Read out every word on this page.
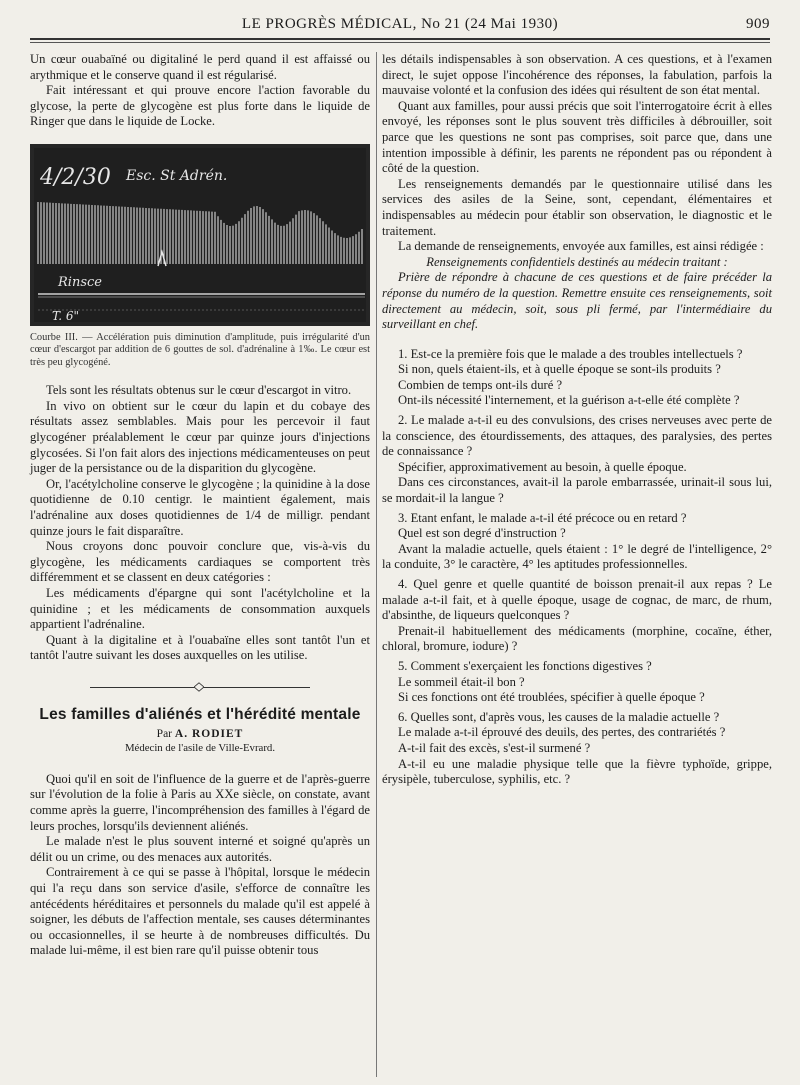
LE PROGRÈS MÉDICAL, No 21 (24 Mai 1930)	909

Un cœur ouabaïné ou digitaliné le perd quand il est affaissé ou arythmique et le conserve quand il est régularisé.

Fait intéressant et qui prouve encore l'action favorable du glycose, la perte de glycogène est plus forte dans le liquide de Ringer que dans le liquide de Locke.

4/2/30 Esc. St Adrén.
Rinsce
T. 6"

Courbe III. — Accélération puis diminution d'amplitude, puis irrégularité d'un cœur d'escargot par addition de 6 gouttes de sol. d'adrénaline à 1‰. Le cœur est très peu glycogéné.

Tels sont les résultats obtenus sur le cœur d'escargot in vitro.

In vivo on obtient sur le cœur du lapin et du cobaye des résultats assez semblables. Mais pour les percevoir il faut glycogéner préalablement le cœur par quinze jours d'injections glycosées. Si l'on fait alors des injections médicamenteuses on peut juger de la persistance ou de la disparition du glycogène.

Or, l'acétylcholine conserve le glycogène ; la quinidine à la dose quotidienne de 0.10 centigr. le maintient également, mais l'adrénaline aux doses quotidiennes de 1/4 de milligr. pendant quinze jours le fait disparaître.

Nous croyons donc pouvoir conclure que, vis-à-vis du glycogène, les médicaments cardiaques se comportent très différemment et se classent en deux catégories :

Les médicaments d'épargne qui sont l'acétylcholine et la quinidine ; et les médicaments de consommation auxquels appartient l'adrénaline.

Quant à la digitaline et à l'ouabaïne elles sont tantôt l'un et tantôt l'autre suivant les doses auxquelles on les utilise.

Les familles d'aliénés et l'hérédité mentale
Par A. RODIET
Médecin de l'asile de Ville-Evrard.

Quoi qu'il en soit de l'influence de la guerre et de l'après-guerre sur l'évolution de la folie à Paris au XXe siècle, on constate, avant comme après la guerre, l'incompréhension des familles à l'égard de leurs proches, lorsqu'ils deviennent aliénés.

Le malade n'est le plus souvent interné et soigné qu'après un délit ou un crime, ou des menaces aux autorités.

Contrairement à ce qui se passe à l'hôpital, lorsque le médecin qui l'a reçu dans son service d'asile, s'efforce de connaître les antécédents héréditaires et personnels du malade qu'il est appelé à soigner, les débuts de l'affection mentale, ses causes déterminantes ou occasionnelles, il se heurte à de nombreuses difficultés. Du malade lui-même, il est bien rare qu'il puisse obtenir tous

les détails indispensables à son observation. A ces questions, et à l'examen direct, le sujet oppose l'incohérence des réponses, la fabulation, parfois la mauvaise volonté et la confusion des idées qui résultent de son état mental.

Quant aux familles, pour aussi précis que soit l'interrogatoire écrit à elles envoyé, les réponses sont le plus souvent très difficiles à débrouiller, soit parce que les questions ne sont pas comprises, soit parce que, dans une intention impossible à définir, les parents ne répondent pas ou répondent à côté de la question.

Les renseignements demandés par le questionnaire utilisé dans les services des asiles de la Seine, sont, cependant, élémentaires et indispensables au médecin pour établir son observation, le diagnostic et le traitement.

La demande de renseignements, envoyée aux familles, est ainsi rédigée :

Renseignements confidentiels destinés au médecin traitant :

Prière de répondre à chacune de ces questions et de faire précéder la réponse du numéro de la question. Remettre ensuite ces renseignements, soit directement au médecin, soit, sous pli fermé, par l'intermédiaire du surveillant en chef.

1. Est-ce la première fois que le malade a des troubles intellectuels ?

Si non, quels étaient-ils, et à quelle époque se sont-ils produits ?

Combien de temps ont-ils duré ?

Ont-ils nécessité l'internement, et la guérison a-t-elle été complète ?

2. Le malade a-t-il eu des convulsions, des crises nerveuses avec perte de la conscience, des étourdissements, des attaques, des paralysies, des pertes de connaissance ?

Spécifier, approximativement au besoin, à quelle époque.

Dans ces circonstances, avait-il la parole embarrassée, urinait-il sous lui, se mordait-il la langue ?

3. Etant enfant, le malade a-t-il été précoce ou en retard ?

Quel est son degré d'instruction ?

Avant la maladie actuelle, quels étaient : 1° le degré de l'intelligence, 2° la conduite, 3° le caractère, 4° les aptitudes professionnelles.

4. Quel genre et quelle quantité de boisson prenait-il aux repas ? Le malade a-t-il fait, et à quelle époque, usage de cognac, de marc, de rhum, d'absinthe, de liqueurs quelconques ?

Prenait-il habituellement des médicaments (morphine, cocaïne, éther, chloral, bromure, iodure) ?

5. Comment s'exerçaient les fonctions digestives ?

Le sommeil était-il bon ?

Si ces fonctions ont été troublées, spécifier à quelle époque ?

6. Quelles sont, d'après vous, les causes de la maladie actuelle ?

Le malade a-t-il éprouvé des deuils, des pertes, des contrariétés ?

A-t-il fait des excès, s'est-il surmené ?

A-t-il eu une maladie physique telle que la fièvre typhoïde, grippe, érysipèle, tuberculose, syphilis, etc. ?
